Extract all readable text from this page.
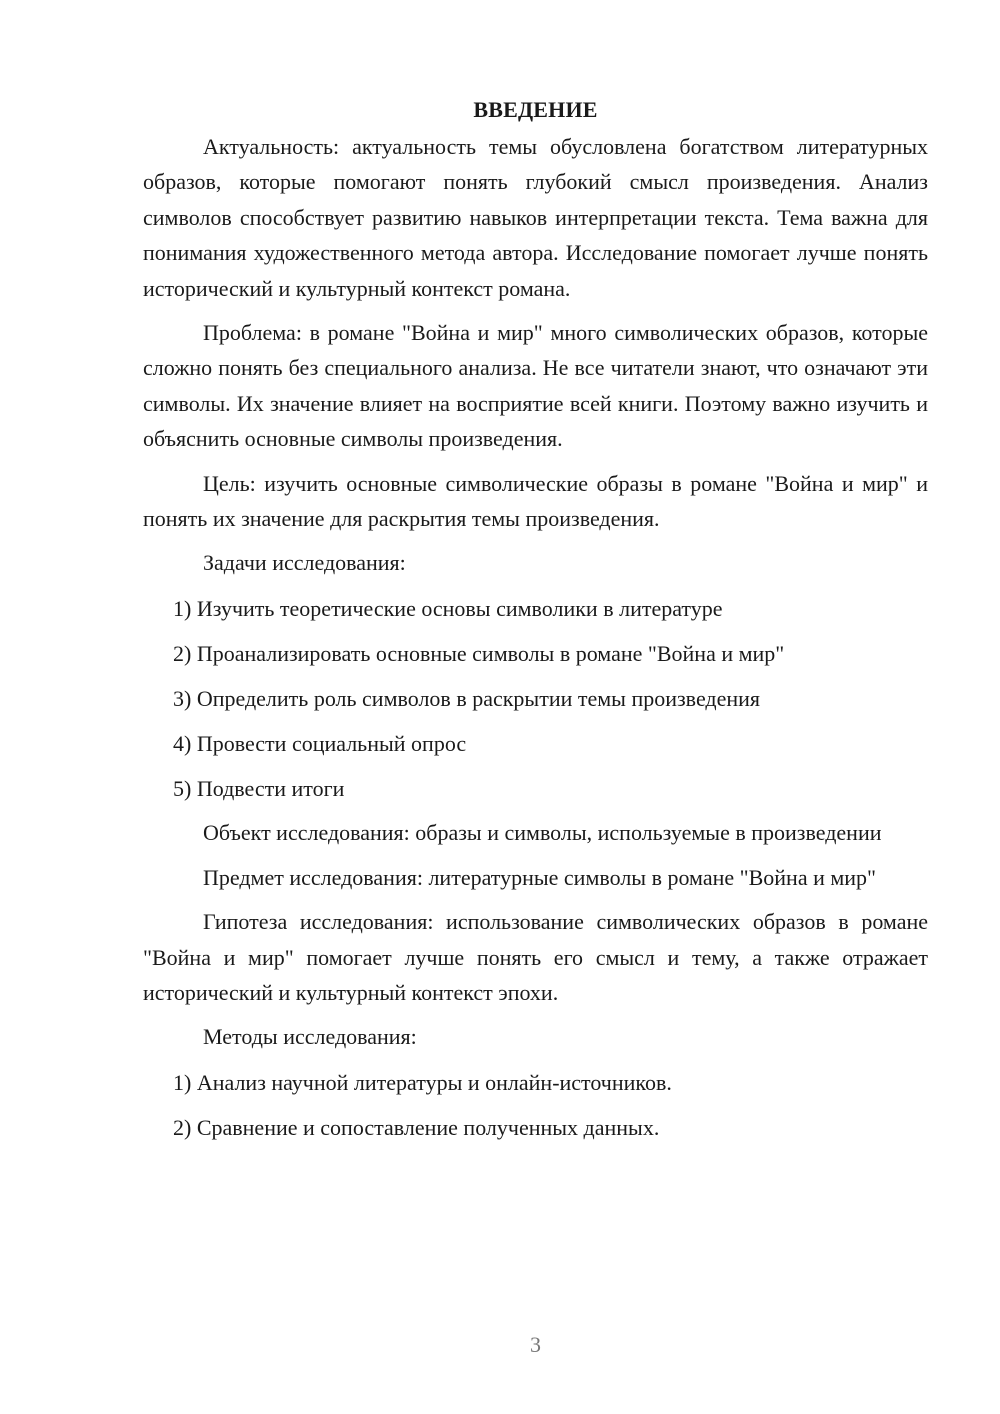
ВВЕДЕНИЕ
Актуальность: актуальность темы обусловлена богатством литературных образов, которые помогают понять глубокий смысл произведения. Анализ символов способствует развитию навыков интерпретации текста. Тема важна для понимания художественного метода автора. Исследование помогает лучше понять исторический и культурный контекст романа.
Проблема: в романе "Война и мир" много символических образов, которые сложно понять без специального анализа. Не все читатели знают, что означают эти символы. Их значение влияет на восприятие всей книги. Поэтому важно изучить и объяснить основные символы произведения.
Цель: изучить основные символические образы в романе "Война и мир" и понять их значение для раскрытия темы произведения.
Задачи исследования:
1) Изучить теоретические основы символики в литературе
2) Проанализировать основные символы в романе "Война и мир"
3) Определить роль символов в раскрытии темы произведения
4) Провести социальный опрос
5) Подвести итоги
Объект исследования: образы и символы, используемые в произведении
Предмет исследования: литературные символы в романе "Война и мир"
Гипотеза исследования: использование символических образов в романе "Война и мир" помогает лучше понять его смысл и тему, а также отражает исторический и культурный контекст эпохи.
Методы исследования:
1) Анализ научной литературы и онлайн-источников.
2) Сравнение и сопоставление полученных данных.
3
